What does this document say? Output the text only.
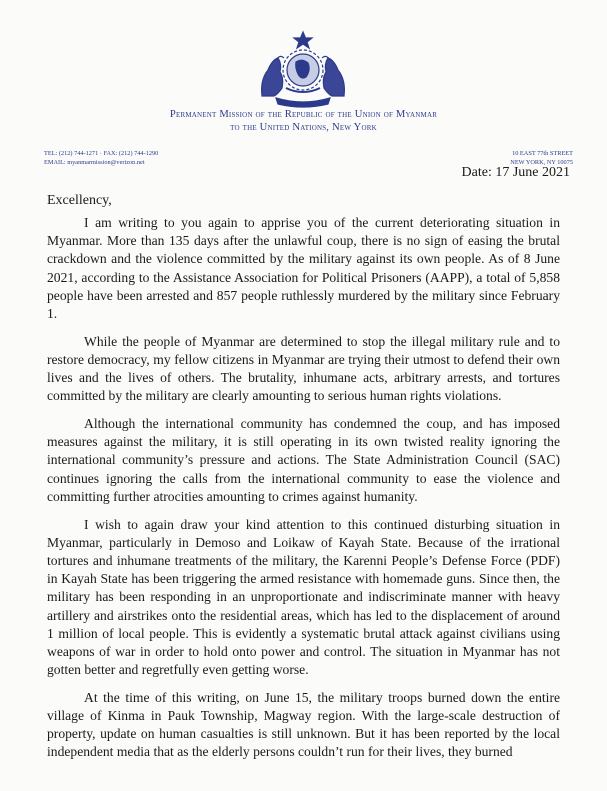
Permanent Mission of the Republic of the Union of Myanmar
to the United Nations, New York
TEL: (212) 744-1271 · FAX: (212) 744-1290
EMAIL: myanmarmission@verizon.net
10 EAST 77th STREET
NEW YORK, NY 10075
Date: 17 June 2021
Excellency,

I am writing to you again to apprise you of the current deteriorating situation in Myanmar. More than 135 days after the unlawful coup, there is no sign of easing the brutal crackdown and the violence committed by the military against its own people. As of 8 June 2021, according to the Assistance Association for Political Prisoners (AAPP), a total of 5,858 people have been arrested and 857 people ruthlessly murdered by the military since February 1.

While the people of Myanmar are determined to stop the illegal military rule and to restore democracy, my fellow citizens in Myanmar are trying their utmost to defend their own lives and the lives of others. The brutality, inhumane acts, arbitrary arrests, and tortures committed by the military are clearly amounting to serious human rights violations.

Although the international community has condemned the coup, and has imposed measures against the military, it is still operating in its own twisted reality ignoring the international community’s pressure and actions. The State Administration Council (SAC) continues ignoring the calls from the international community to ease the violence and committing further atrocities amounting to crimes against humanity.

I wish to again draw your kind attention to this continued disturbing situation in Myanmar, particularly in Demoso and Loikaw of Kayah State. Because of the irrational tortures and inhumane treatments of the military, the Karenni People’s Defense Force (PDF) in Kayah State has been triggering the armed resistance with homemade guns. Since then, the military has been responding in an unproportionate and indiscriminate manner with heavy artillery and airstrikes onto the residential areas, which has led to the displacement of around 1 million of local people. This is evidently a systematic brutal attack against civilians using weapons of war in order to hold onto power and control. The situation in Myanmar has not gotten better and regretfully even getting worse.

At the time of this writing, on June 15, the military troops burned down the entire village of Kinma in Pauk Township, Magway region. With the large-scale destruction of property, update on human casualties is still unknown. But it has been reported by the local independent media that as the elderly persons couldn’t run for their lives, they burned
